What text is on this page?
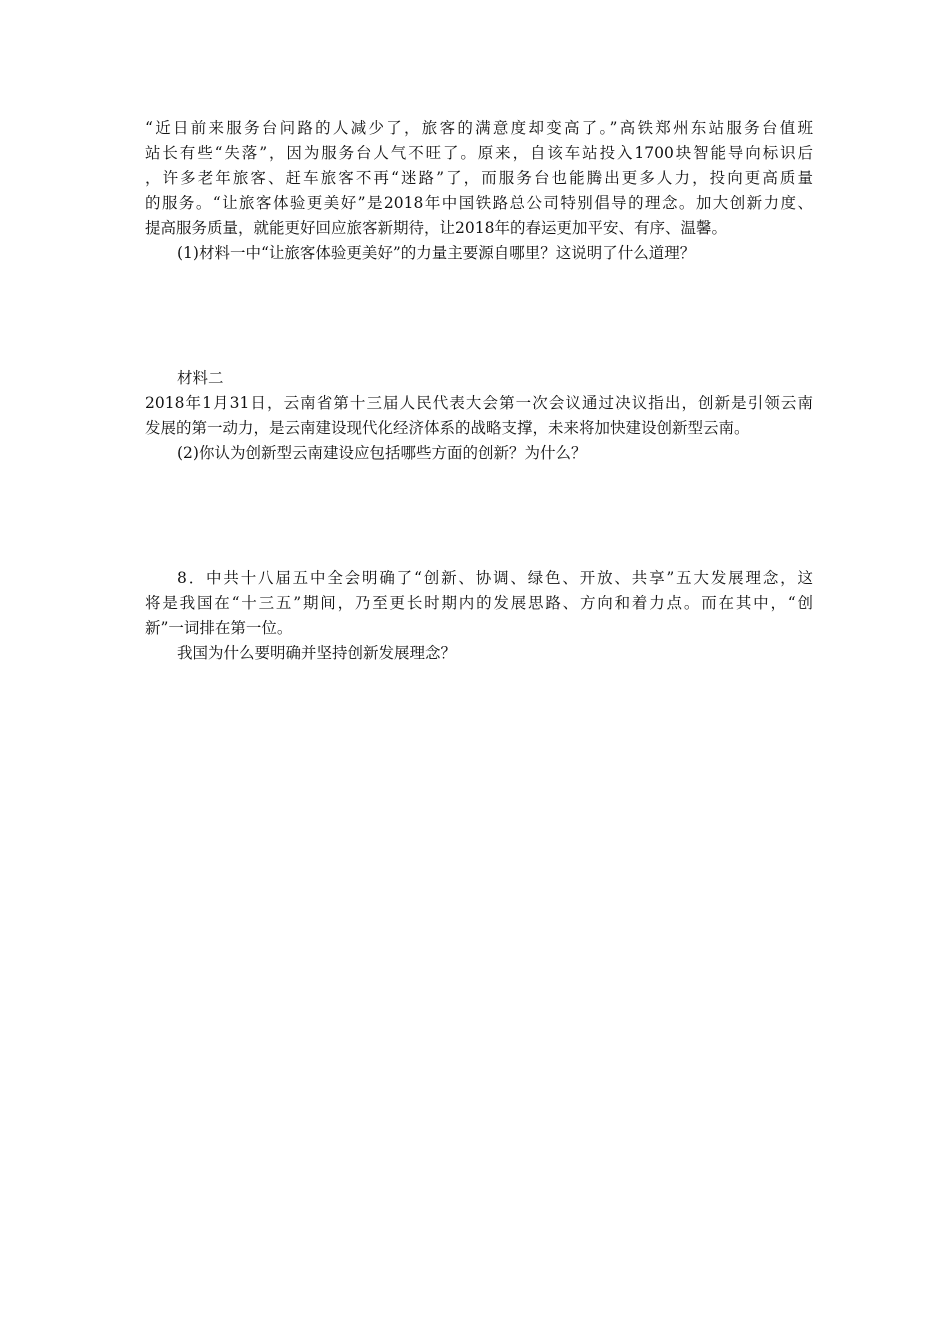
“近日前来服务台问路的人减少了，旅客的满意度却变高了。”高铁郑州东站服务台值班
站长有些“失落”，因为服务台人气不旺了。原来，自该车站投入1700块智能导向标识后
，许多老年旅客、赶车旅客不再“迷路”了，而服务台也能腾出更多人力，投向更高质量
的服务。“让旅客体验更美好”是2018年中国铁路总公司特别倡导的理念。加大创新力度、
提高服务质量，就能更好回应旅客新期待，让2018年的春运更加平安、有序、温馨。

(1)材料一中“让旅客体验更美好”的力量主要源自哪里？这说明了什么道理？

材料二

2018年1月31日，云南省第十三届人民代表大会第一次会议通过决议指出，创新是引领云南
发展的第一动力，是云南建设现代化经济体系的战略支撑，未来将加快建设创新型云南。

(2)你认为创新型云南建设应包括哪些方面的创新？为什么？

8．中共十八届五中全会明确了“创新、协调、绿色、开放、共享”五大发展理念，这
将是我国在“十三五”期间，乃至更长时期内的发展思路、方向和着力点。而在其中，“创
新”一词排在第一位。

我国为什么要明确并坚持创新发展理念？
